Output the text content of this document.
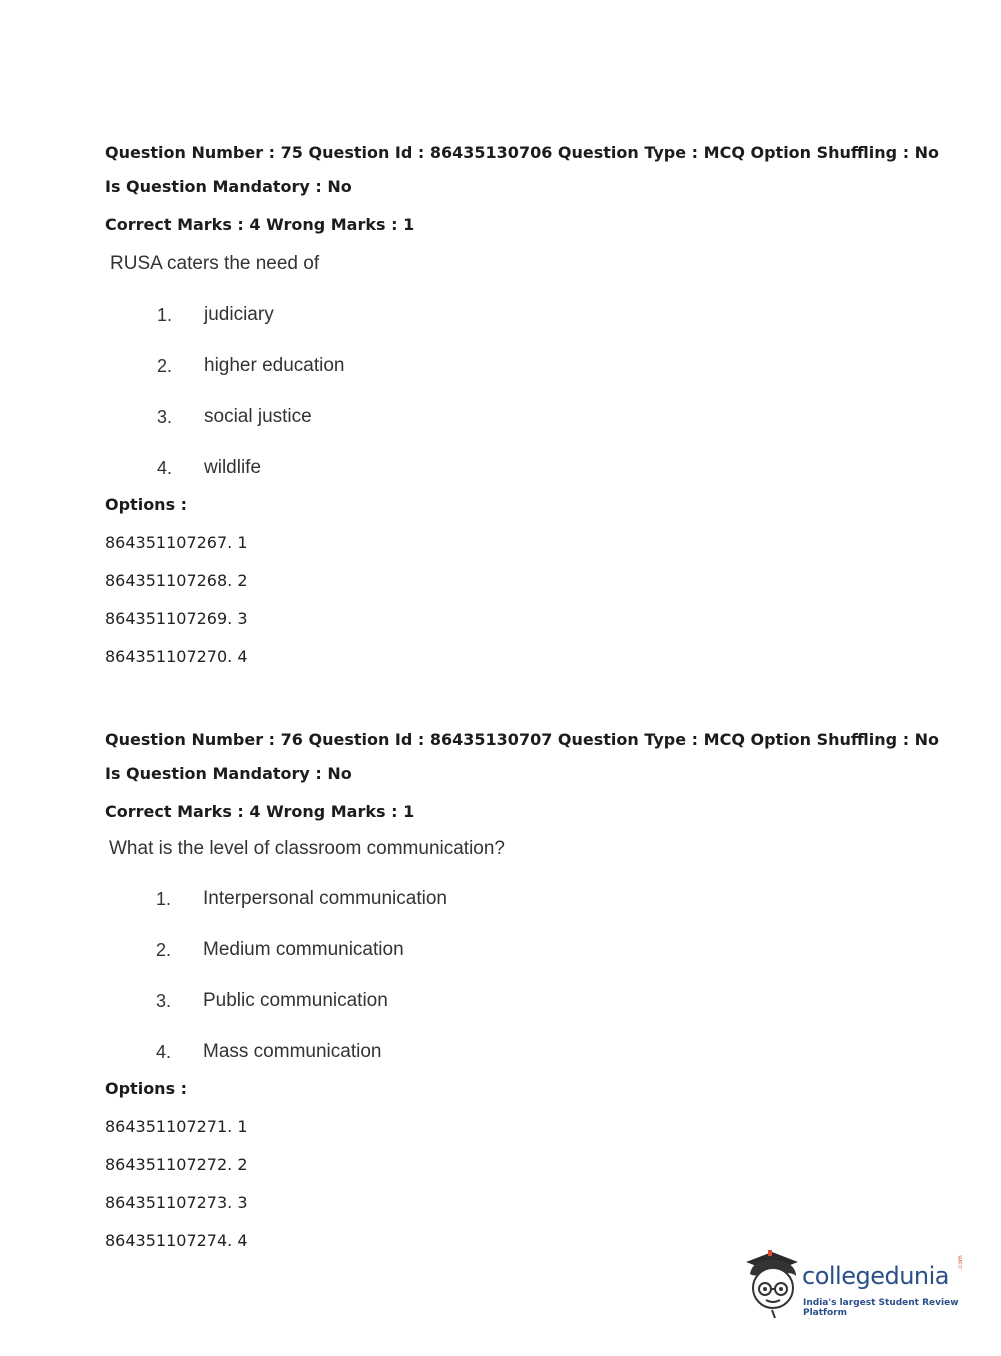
Question Number : 75 Question Id : 86435130706 Question Type : MCQ Option Shuffling : No
Is Question Mandatory : No
Correct Marks : 4 Wrong Marks : 1
RUSA caters the need of
1. judiciary
2. higher education
3. social justice
4. wildlife
Options :
864351107267. 1
864351107268. 2
864351107269. 3
864351107270. 4
Question Number : 76 Question Id : 86435130707 Question Type : MCQ Option Shuffling : No
Is Question Mandatory : No
Correct Marks : 4 Wrong Marks : 1
What is the level of classroom communication?
1. Interpersonal communication
2. Medium communication
3. Public communication
4. Mass communication
Options :
864351107271. 1
864351107272. 2
864351107273. 3
864351107274. 4
collegedunia .com
India's largest Student Review Platform
